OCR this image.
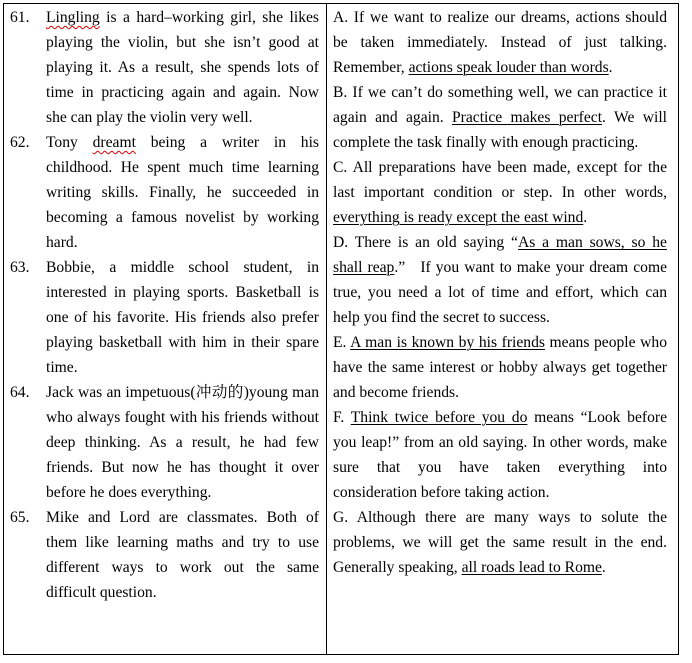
61.	Lingling is a hard–working girl, she likes playing the violin, but she isn’t good at playing it. As a result, she spends lots of time in practicing again and again. Now she can play the violin very well.
62.	Tony dreamt being a writer in his childhood. He spent much time learning writing skills. Finally, he succeeded in becoming a famous novelist by working hard.
63.	Bobbie, a middle school student, in interested in playing sports. Basketball is one of his favorite. His friends also prefer playing basketball with him in their spare time.
64.	Jack was an impetuous(冲动的)young man who always fought with his friends without deep thinking. As a result, he had few friends. But now he has thought it over before he does everything.
65.	Mike and Lord are classmates. Both of them like learning maths and try to use different ways to work out the same difficult question.
A. If we want to realize our dreams, actions should be taken immediately. Instead of just talking. Remember, actions speak louder than words.
B. If we can’t do something well, we can practice it again and again. Practice makes perfect. We will complete the task finally with enough practicing.
C. All preparations have been made, except for the last important condition or step. In other words, everything is ready except the east wind.
D. There is an old saying “As a man sows, so he shall reap.”   If you want to make your dream come true, you need a lot of time and effort, which can help you find the secret to success.
E. A man is known by his friends means people who have the same interest or hobby always get together and become friends.
F. Think twice before you do means “Look before you leap!” from an old saying. In other words, make sure that you have taken everything into consideration before taking action.
G. Although there are many ways to solute the problems, we will get the same result in the end. Generally speaking, all roads lead to Rome.
